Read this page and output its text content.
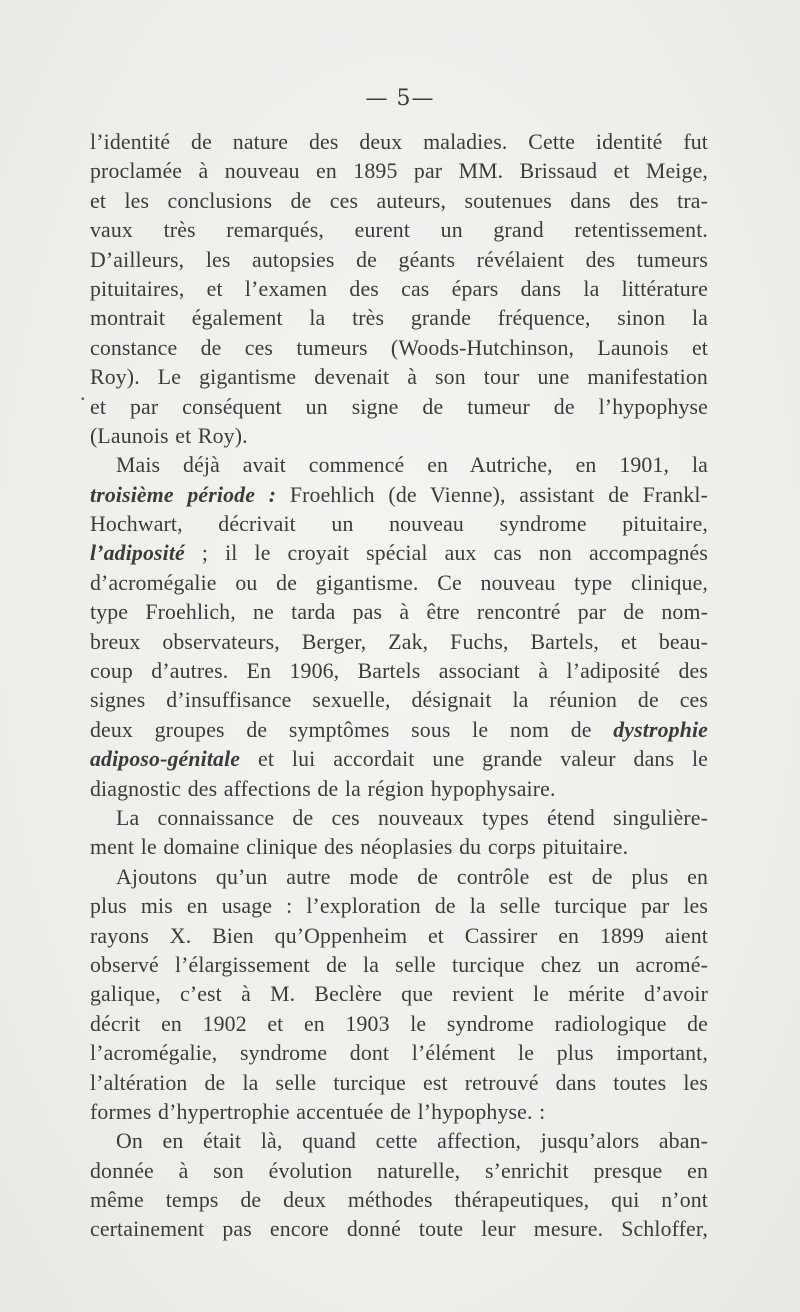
— 5—
.
l’identité de nature des deux maladies. Cette identité fut
proclamée à nouveau en 1895 par MM. Brissaud et Meige,
et les conclusions de ces auteurs, soutenues dans des tra-
vaux très remarqués, eurent un grand retentissement.
D’ailleurs, les autopsies de géants révélaient des tumeurs
pituitaires, et l’examen des cas épars dans la littérature
montrait également la très grande fréquence, sinon la
constance de ces tumeurs (Woods-Hutchinson, Launois et
Roy). Le gigantisme devenait à son tour une manifestation
et par conséquent un signe de tumeur de l’hypophyse
(Launois et Roy).
Mais déjà avait commencé en Autriche, en 1901, la
troisième période : Froehlich (de Vienne), assistant de Frankl-
Hochwart, décrivait un nouveau syndrome pituitaire,
l’adiposité ; il le croyait spécial aux cas non accompagnés
d’acromégalie ou de gigantisme. Ce nouveau type clinique,
type Froehlich, ne tarda pas à être rencontré par de nom-
breux observateurs, Berger, Zak, Fuchs, Bartels, et beau-
coup d’autres. En 1906, Bartels associant à l’adiposité des
signes d’insuffisance sexuelle, désignait la réunion de ces
deux groupes de symptômes sous le nom de dystrophie
adiposo-génitale et lui accordait une grande valeur dans le
diagnostic des affections de la région hypophysaire.
La connaissance de ces nouveaux types étend singulière-
ment le domaine clinique des néoplasies du corps pituitaire.
Ajoutons qu’un autre mode de contrôle est de plus en
plus mis en usage : l’exploration de la selle turcique par les
rayons X. Bien qu’Oppenheim et Cassirer en 1899 aient
observé l’élargissement de la selle turcique chez un acromé-
galique, c’est à M. Beclère que revient le mérite d’avoir
décrit en 1902 et en 1903 le syndrome radiologique de
l’acromégalie, syndrome dont l’élément le plus important,
l’altération de la selle turcique est retrouvé dans toutes les
formes d’hypertrophie accentuée de l’hypophyse. :
On en était là, quand cette affection, jusqu’alors aban-
donnée à son évolution naturelle, s’enrichit presque en
même temps de deux méthodes thérapeutiques, qui n’ont
certainement pas encore donné toute leur mesure. Schloffer,
